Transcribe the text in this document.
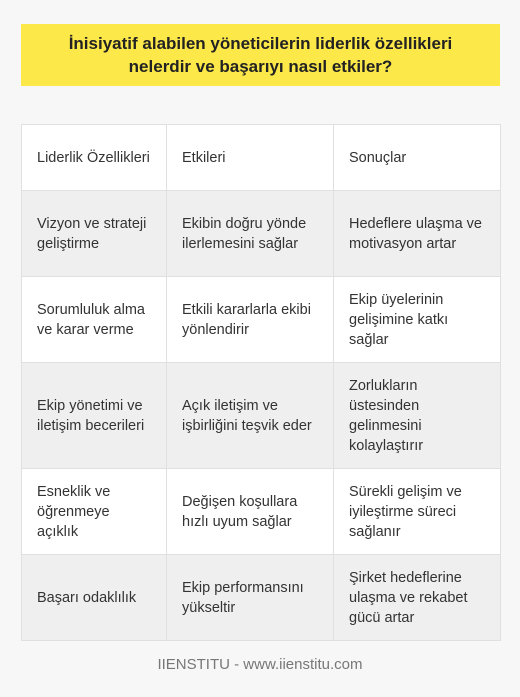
İnisiyatif alabilen yöneticilerin liderlik özellikleri nelerdir ve başarıyı nasıl etkiler?
Liderlik Özellikleri	Etkileri	Sonuçlar
Vizyon ve strateji geliştirme	Ekibin doğru yönde ilerlemesini sağlar	Hedeflere ulaşma ve motivasyon artar
Sorumluluk alma ve karar verme	Etkili kararlarla ekibi yönlendirir	Ekip üyelerinin gelişimine katkı sağlar
Ekip yönetimi ve iletişim becerileri	Açık iletişim ve işbirliğini teşvik eder	Zorlukların üstesinden gelinmesini kolaylaştırır
Esneklik ve öğrenmeye açıklık	Değişen koşullara hızlı uyum sağlar	Sürekli gelişim ve iyileştirme süreci sağlanır
Başarı odaklılık	Ekip performansını yükseltir	Şirket hedeflerine ulaşma ve rekabet gücü artar
IIENSTITU - www.iienstitu.com
